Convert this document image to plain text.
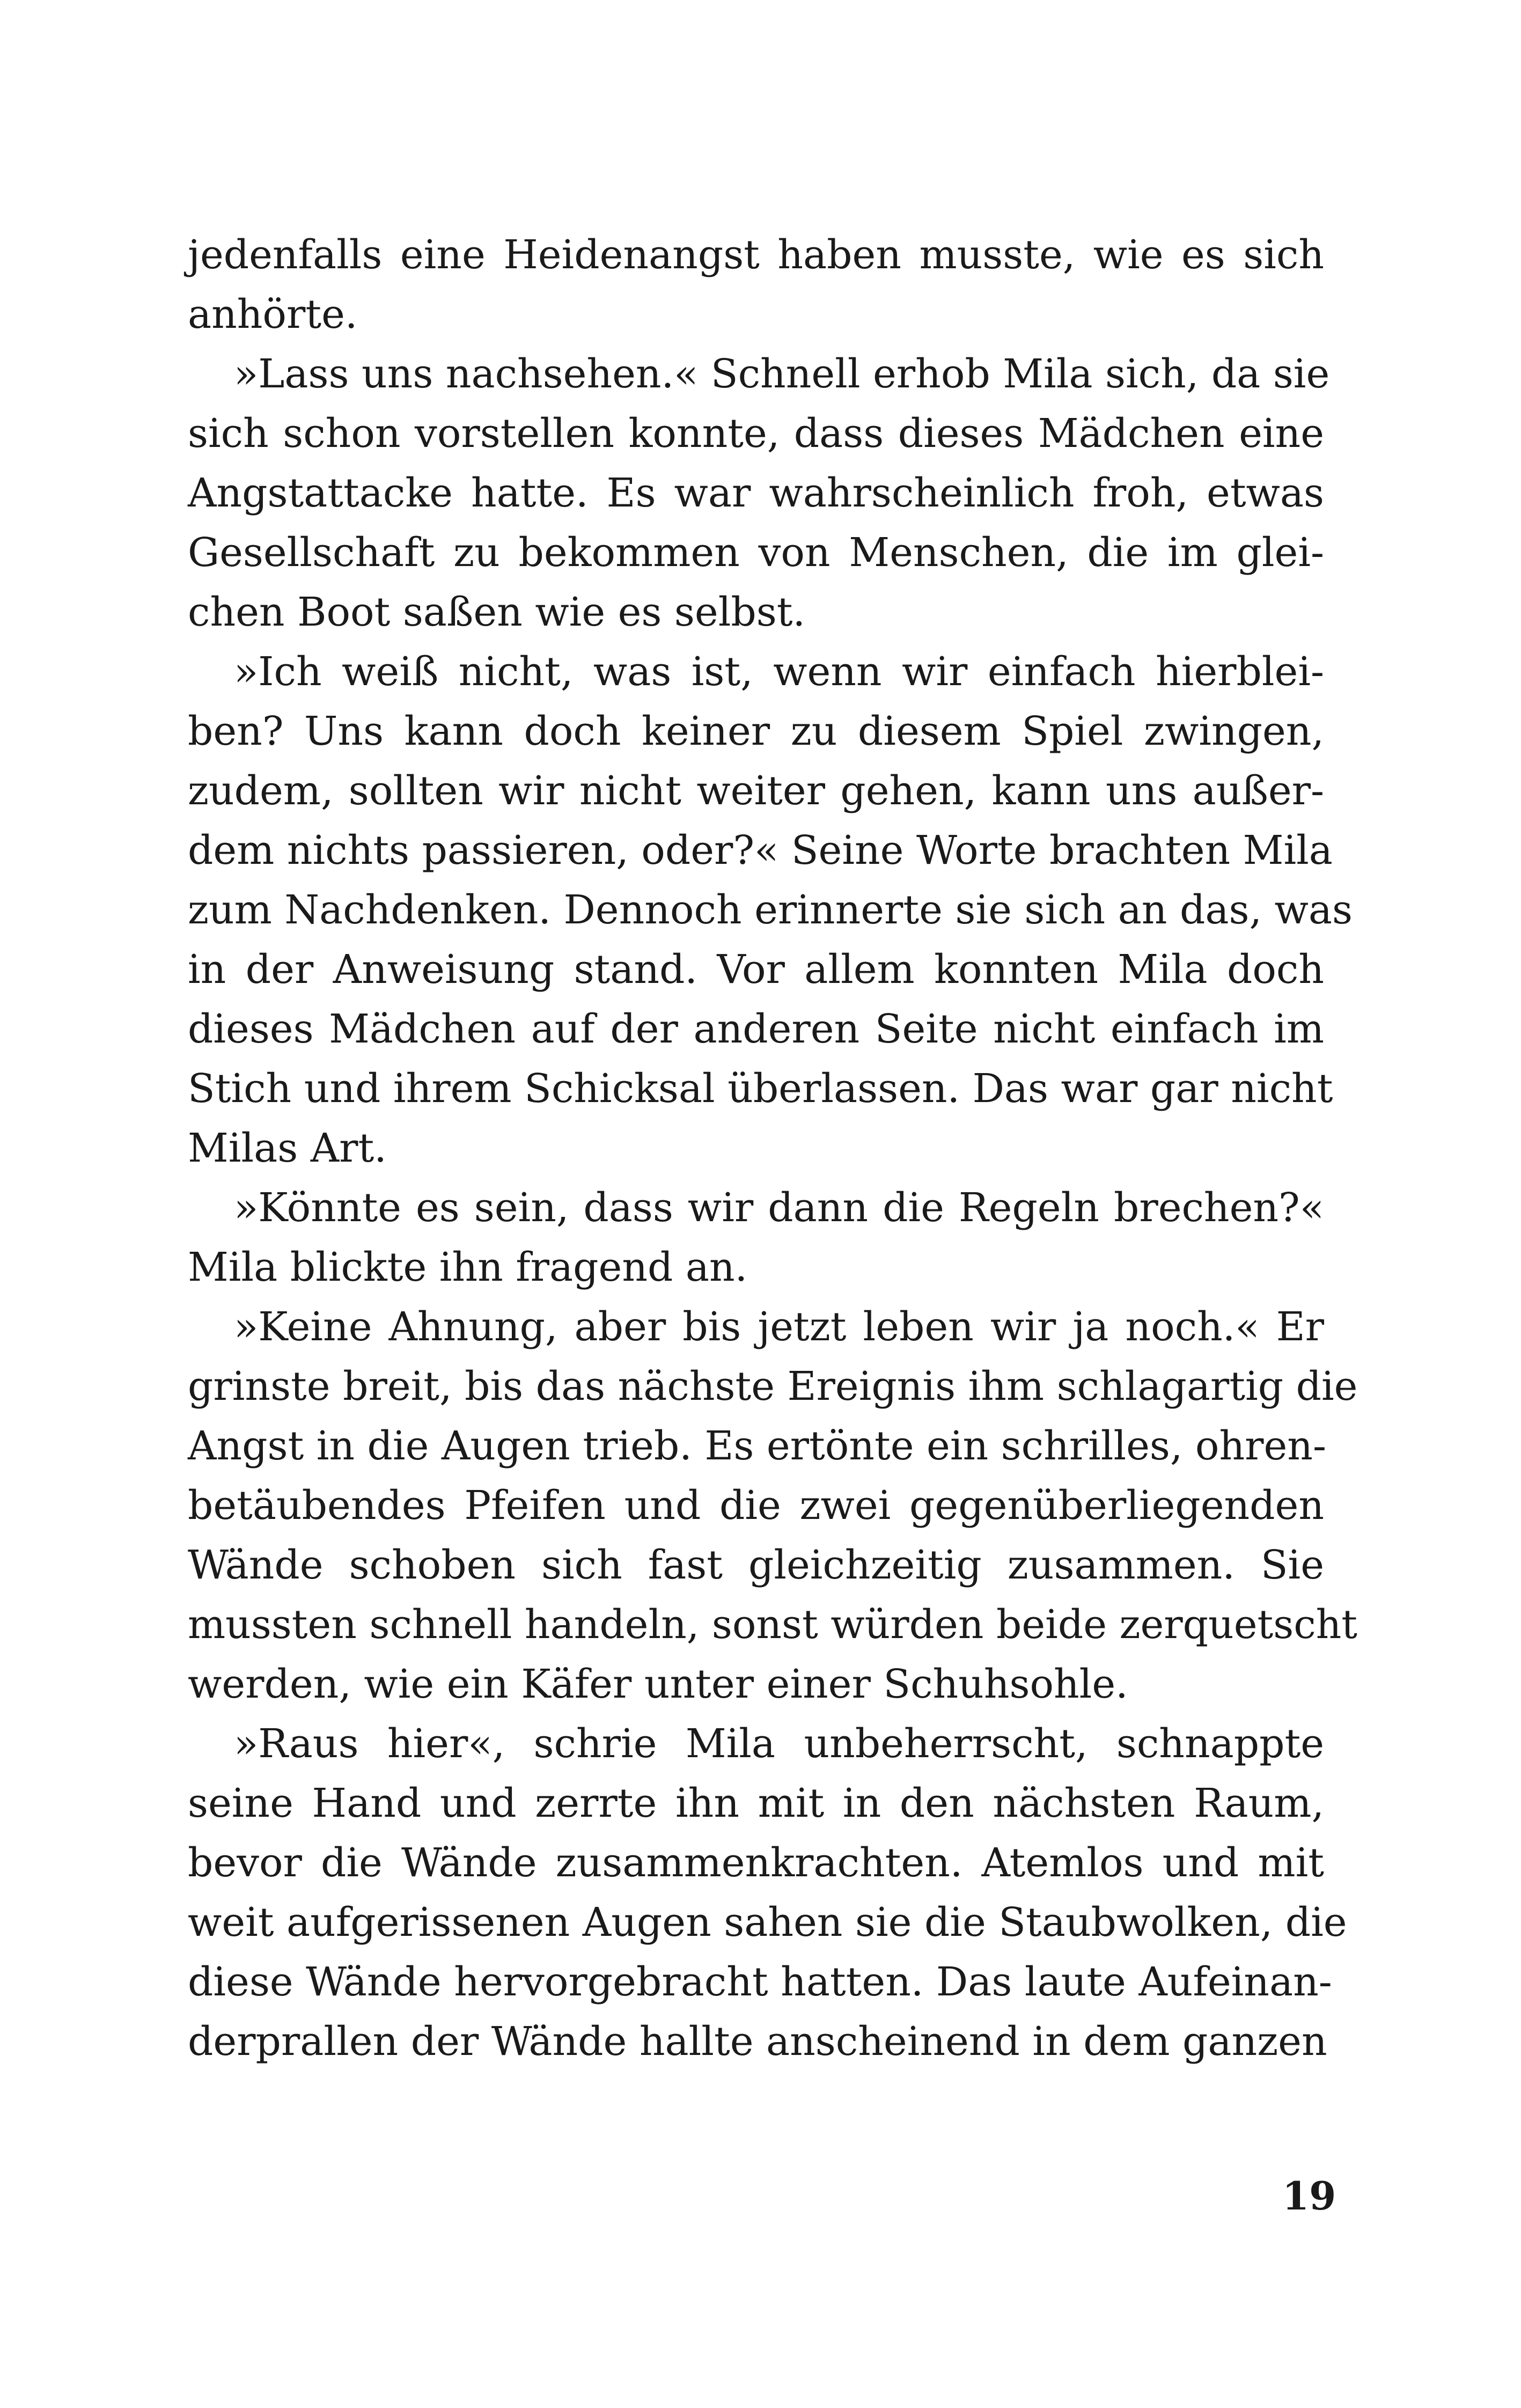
jedenfalls eine Heidenangst haben musste, wie es sich
anhörte.
»Lass uns nachsehen.« Schnell erhob Mila sich, da sie
sich schon vorstellen konnte, dass dieses Mädchen eine
Angstattacke hatte. Es war wahrscheinlich froh, etwas
Gesellschaft zu bekommen von Menschen, die im glei-
chen Boot saßen wie es selbst.
»Ich weiß nicht, was ist, wenn wir einfach hierblei-
ben? Uns kann doch keiner zu diesem Spiel zwingen,
zudem, sollten wir nicht weiter gehen, kann uns außer-
dem nichts passieren, oder?« Seine Worte brachten Mila
zum Nachdenken. Dennoch erinnerte sie sich an das, was
in der Anweisung stand. Vor allem konnten Mila doch
dieses Mädchen auf der anderen Seite nicht einfach im
Stich und ihrem Schicksal überlassen. Das war gar nicht
Milas Art.
»Könnte es sein, dass wir dann die Regeln brechen?«
Mila blickte ihn fragend an.
»Keine Ahnung, aber bis jetzt leben wir ja noch.« Er
grinste breit, bis das nächste Ereignis ihm schlagartig die
Angst in die Augen trieb. Es ertönte ein schrilles, ohren-
betäubendes Pfeifen und die zwei gegenüberliegenden
Wände schoben sich fast gleichzeitig zusammen. Sie
mussten schnell handeln, sonst würden beide zerquetscht
werden, wie ein Käfer unter einer Schuhsohle.
»Raus hier«, schrie Mila unbeherrscht, schnappte
seine Hand und zerrte ihn mit in den nächsten Raum,
bevor die Wände zusammenkrachten. Atemlos und mit
weit aufgerissenen Augen sahen sie die Staubwolken, die
diese Wände hervorgebracht hatten. Das laute Aufeinan-
derprallen der Wände hallte anscheinend in dem ganzen
19
